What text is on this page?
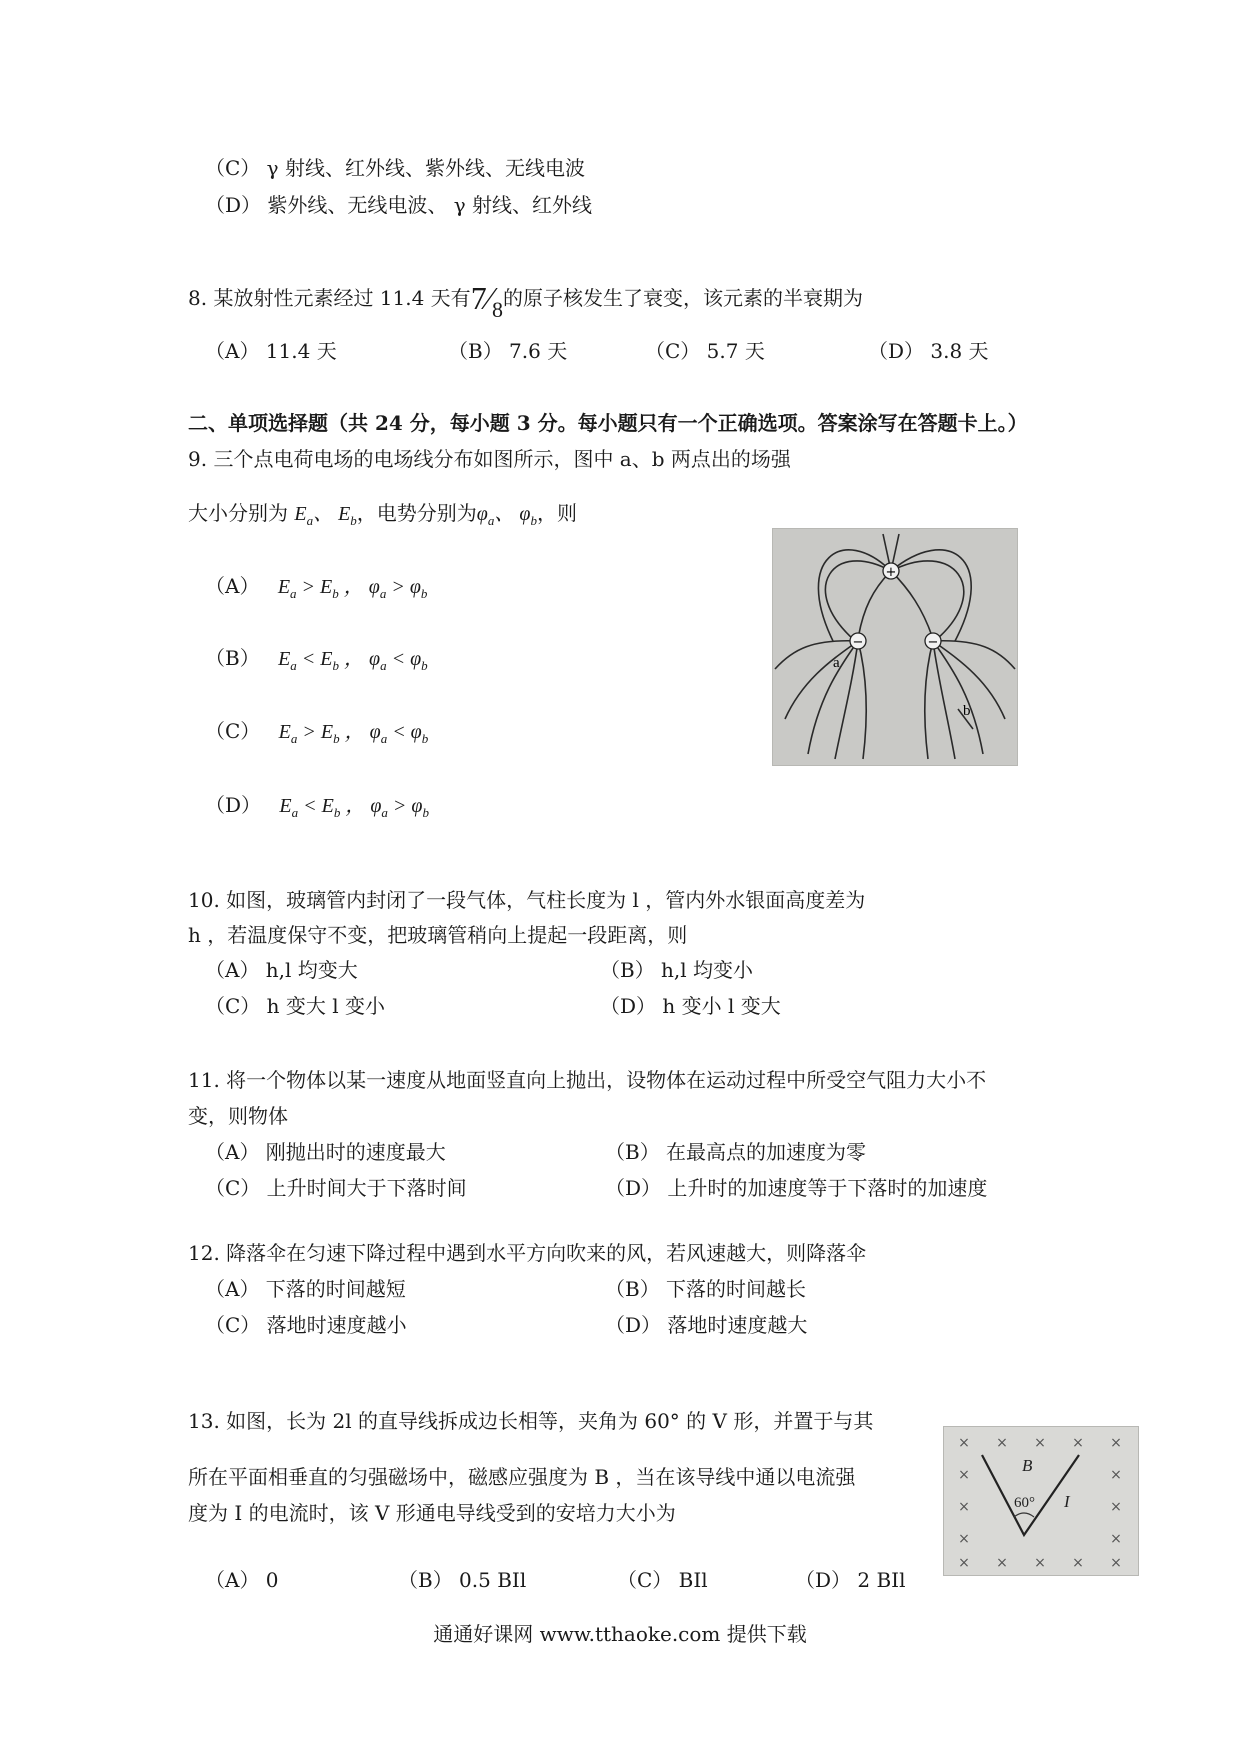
（C） γ 射线、红外线、紫外线、无线电波
（D） 紫外线、无线电波、 γ 射线、红外线
8. 某放射性元素经过 11.4 天有$7⁄_8$的原子核发生了衰变，该元素的半衰期为
（A） 11.4 天	（B） 7.6 天	（C） 5.7 天	（D） 3.8 天
二、单项选择题（共 24 分，每小题 3 分。每小题只有一个正确选项。答案涂写在答题卡上。）
9. 三个点电荷电场的电场线分布如图所示，图中 a、b 两点出的场强
大小分别为 $E_a$、 $E_b$，电势分别为$\varphi_a$、 $\varphi_b$，则
（A） $E_a > E_b$ ， $\varphi_a > \varphi_b$
（B） $E_a < E_b$ ， $\varphi_a < \varphi_b$
（C） $E_a > E_b$ ， $\varphi_a < \varphi_b$
（D） $E_a < E_b$ ， $\varphi_a > \varphi_b$
+
−	−
a
b
10. 如图，玻璃管内封闭了一段气体，气柱长度为 l ，管内外水银面高度差为
h ，若温度保守不变，把玻璃管稍向上提起一段距离，则
（A） h,l 均变大	（B） h,l 均变小
（C） h 变大 l 变小	（D） h 变小 l 变大
11. 将一个物体以某一速度从地面竖直向上抛出，设物体在运动过程中所受空气阻力大小不
变，则物体
（A） 刚抛出时的速度最大	（B） 在最高点的加速度为零
（C） 上升时间大于下落时间	（D） 上升时的加速度等于下落时的加速度
12. 降落伞在匀速下降过程中遇到水平方向吹来的风，若风速越大，则降落伞
（A） 下落的时间越短	（B） 下落的时间越长
（C） 落地时速度越小	（D） 落地时速度越大
13. 如图，长为 2l 的直导线拆成边长相等，夹角为 60° 的 V 形，并置于与其
所在平面相垂直的匀强磁场中，磁感应强度为 B ，当在该导线中通以电流强
度为 I 的电流时，该 V 形通电导线受到的安培力大小为
（A） 0	（B） 0.5 BIl	（C） BIl	（D） 2 BIl
× × × × ×
×	×
×	×
×	×
× × × × ×
B
60° I
通通好课网 www.tthaoke.com 提供下载
